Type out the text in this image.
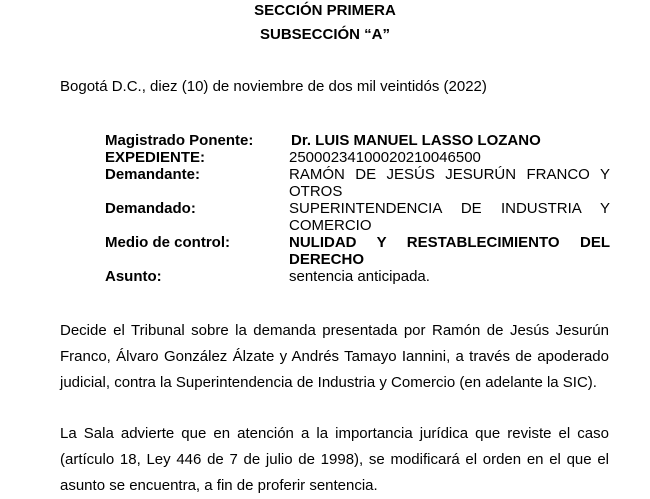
SECCIÓN PRIMERA
SUBSECCIÓN “A”
Bogotá D.C., diez (10) de noviembre de dos mil veintidós (2022)
Magistrado Ponente:	Dr. LUIS MANUEL LASSO LOZANO
EXPEDIENTE:	25000234100020210046500
Demandante:	RAMÓN DE JESÚS JESURÚN FRANCO Y OTROS
Demandado:	SUPERINTENDENCIA DE INDUSTRIA Y COMERCIO
Medio de control:	NULIDAD Y RESTABLECIMIENTO DEL DERECHO
Asunto:	sentencia anticipada.

Decide el Tribunal sobre la demanda presentada por Ramón de Jesús Jesurún Franco, Álvaro González Álzate y Andrés Tamayo Iannini, a través de apoderado judicial, contra la Superintendencia de Industria y Comercio (en adelante la SIC).

La Sala advierte que en atención a la importancia jurídica que reviste el caso (artículo 18, Ley 446 de 7 de julio de 1998), se modificará el orden en el que el asunto se encuentra, a fin de proferir sentencia.
